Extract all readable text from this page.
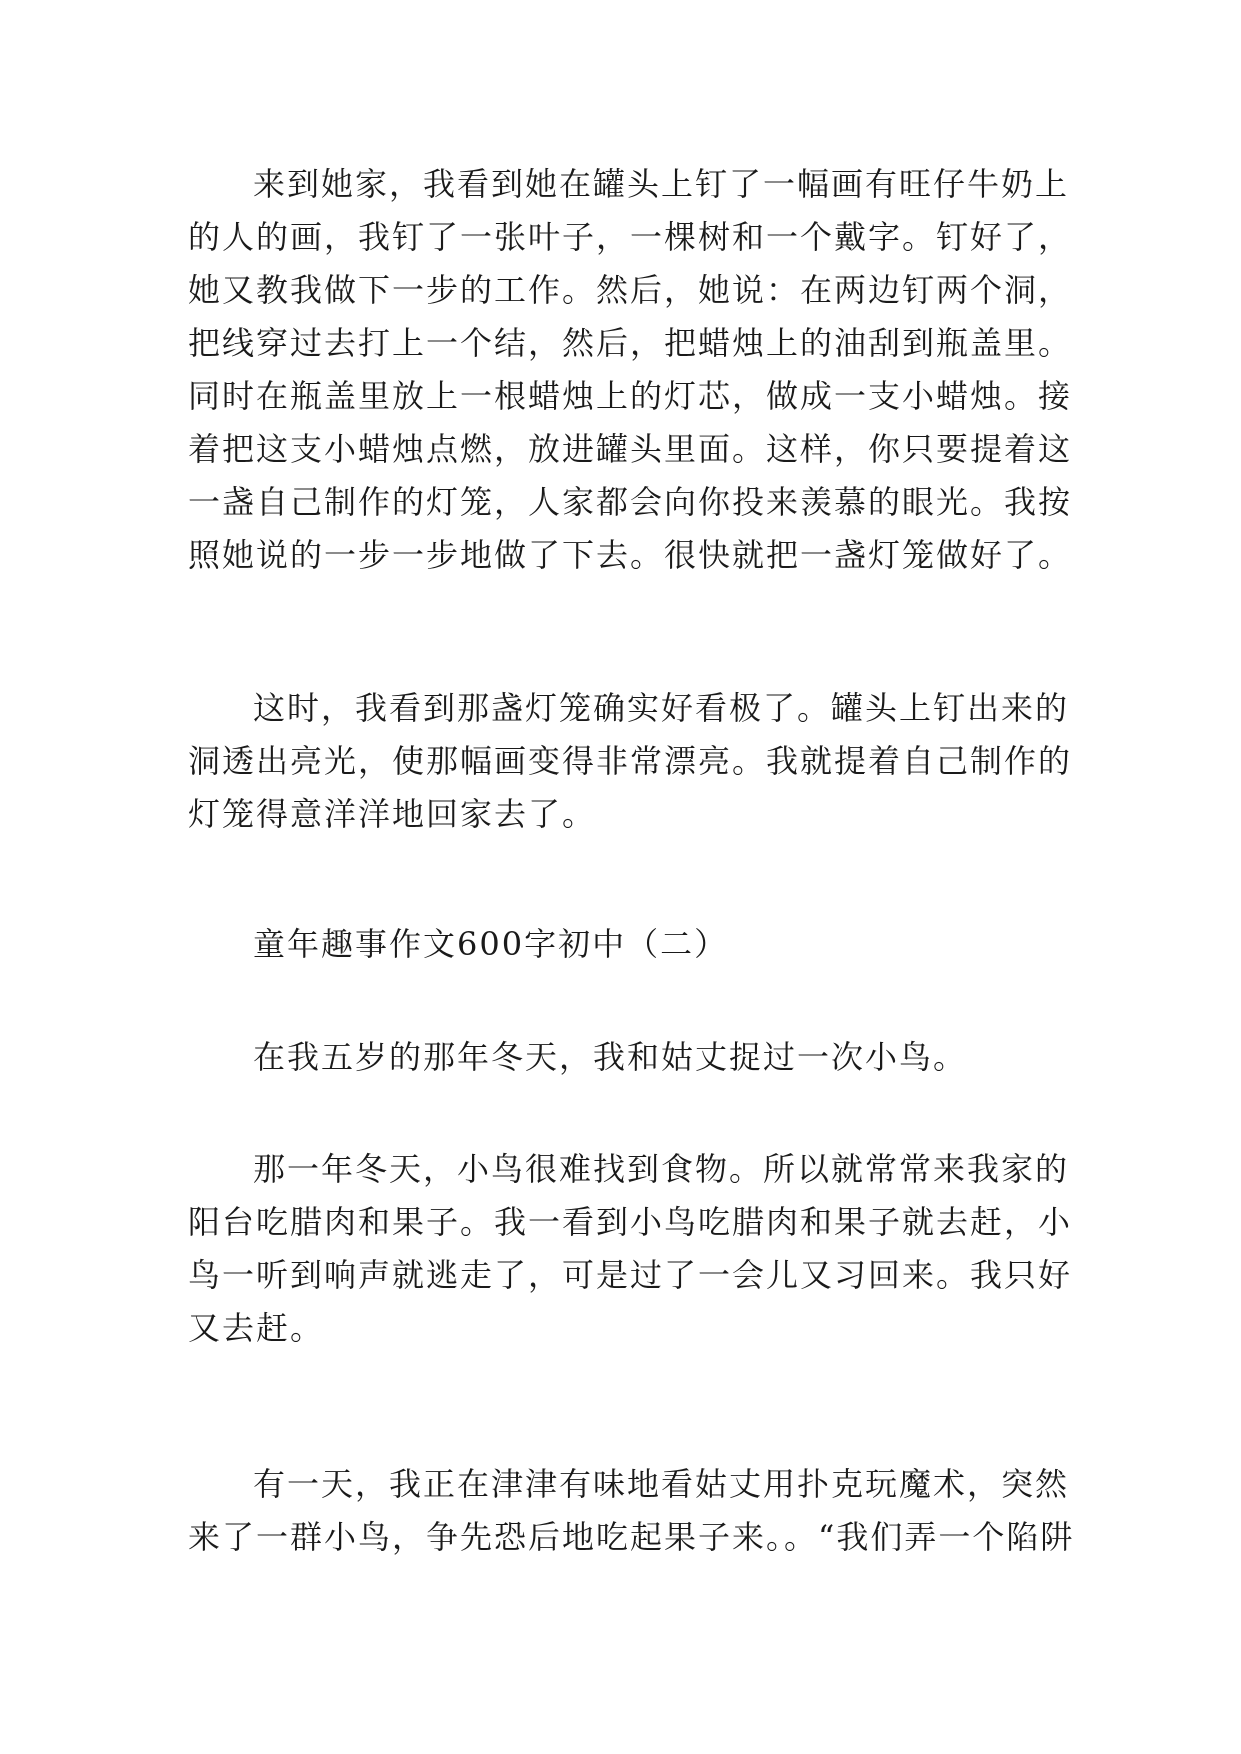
来到她家，我看到她在罐头上钉了一幅画有旺仔牛奶上
的人的画，我钉了一张叶子，一棵树和一个戴字。钉好了，
她又教我做下一步的工作。然后，她说：在两边钉两个洞，
把线穿过去打上一个结，然后，把蜡烛上的油刮到瓶盖里。
同时在瓶盖里放上一根蜡烛上的灯芯，做成一支小蜡烛。接
着把这支小蜡烛点燃，放进罐头里面。这样，你只要提着这
一盏自己制作的灯笼，人家都会向你投来羡慕的眼光。我按
照她说的一步一步地做了下去。很快就把一盏灯笼做好了。
这时，我看到那盏灯笼确实好看极了。罐头上钉出来的
洞透出亮光，使那幅画变得非常漂亮。我就提着自己制作的
灯笼得意洋洋地回家去了。
童年趣事作文600字初中（二）
在我五岁的那年冬天，我和姑丈捉过一次小鸟。
那一年冬天，小鸟很难找到食物。所以就常常来我家的
阳台吃腊肉和果子。我一看到小鸟吃腊肉和果子就去赶，小
鸟一听到响声就逃走了，可是过了一会儿又习回来。我只好
又去赶。
有一天，我正在津津有味地看姑丈用扑克玩魔术，突然
来了一群小鸟，争先恐后地吃起果子来。。“我们弄一个陷阱
